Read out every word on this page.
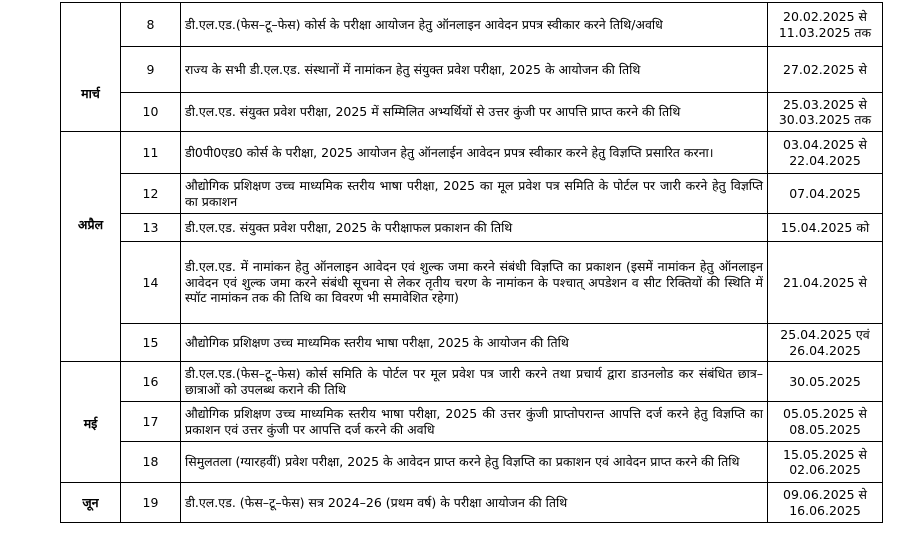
मार्च	8	डी.एल.एड.(फेस–टू–फेस) कोर्स के परीक्षा आयोजन हेतु ऑनलाइन आवेदन प्रपत्र स्वीकार करने तिथि/अवधि	20.02.2025 से
11.03.2025 तक

	9	राज्य के सभी डी.एल.एड. संस्थानों में नामांकन हेतु संयुक्त प्रवेश परीक्षा, 2025 के आयोजन की तिथि	27.02.2025 से

	10	डी.एल.एड. संयुक्त प्रवेश परीक्षा, 2025 में सम्मिलित अभ्यर्थियों से उत्तर कुंजी पर आपत्ति प्राप्त करने की तिथि	25.03.2025 से
30.03.2025 तक

अप्रैल	11	डी0पी0एड0 कोर्स के परीक्षा, 2025 आयोजन हेतु ऑनलाईन आवेदन प्रपत्र स्वीकार करने हेतु विज्ञप्ति प्रसारित करना।	03.04.2025 से
22.04.2025

	12	औद्योगिक प्रशिक्षण उच्च माध्यमिक स्तरीय भाषा परीक्षा, 2025 का मूल प्रवेश पत्र समिति के पोर्टल पर जारी करने हेतु विज्ञप्ति का प्रकाशन	07.04.2025

	13	डी.एल.एड. संयुक्त प्रवेश परीक्षा, 2025 के परीक्षाफल प्रकाशन की तिथि	15.04.2025 को

	14	डी.एल.एड. में नामांकन हेतु ऑनलाइन आवेदन एवं शुल्क जमा करने संबंधी विज्ञप्ति का प्रकाशन (इसमें नामांकन हेतु ऑनलाइन आवेदन एवं शुल्क जमा करने संबंधी सूचना से लेकर तृतीय चरण के नामांकन के पश्चात् अपडेशन व सीट रिक्तियों की स्थिति में स्पॉट नामांकन तक की तिथि का विवरण भी समावेशित रहेगा)	21.04.2025 से

	15	औद्योगिक प्रशिक्षण उच्च माध्यमिक स्तरीय भाषा परीक्षा, 2025 के आयोजन की तिथि	25.04.2025 एवं
26.04.2025

मई	16	डी.एल.एड.(फेस–टू–फेस) कोर्स समिति के पोर्टल पर मूल प्रवेश पत्र जारी करने तथा प्रचार्य द्वारा डाउनलोड कर संबंधित छात्र–छात्राओं को उपलब्ध कराने की तिथि	30.05.2025

	17	औद्योगिक प्रशिक्षण उच्च माध्यमिक स्तरीय भाषा परीक्षा, 2025 की उत्तर कुंजी प्राप्तोपरान्त आपत्ति दर्ज करने हेतु विज्ञप्ति का प्रकाशन एवं उत्तर कुंजी पर आपत्ति दर्ज करने की अवधि	05.05.2025 से
08.05.2025

	18	सिमुलतला (ग्यारहवीं) प्रवेश परीक्षा, 2025 के आवेदन प्राप्त करने हेतु विज्ञप्ति का प्रकाशन एवं आवेदन प्राप्त करने की तिथि	15.05.2025 से
02.06.2025

जून	19	डी.एल.एड. (फेस–टू–फेस) सत्र 2024–26 (प्रथम वर्ष) के परीक्षा आयोजन की तिथि	09.06.2025 से
16.06.2025
